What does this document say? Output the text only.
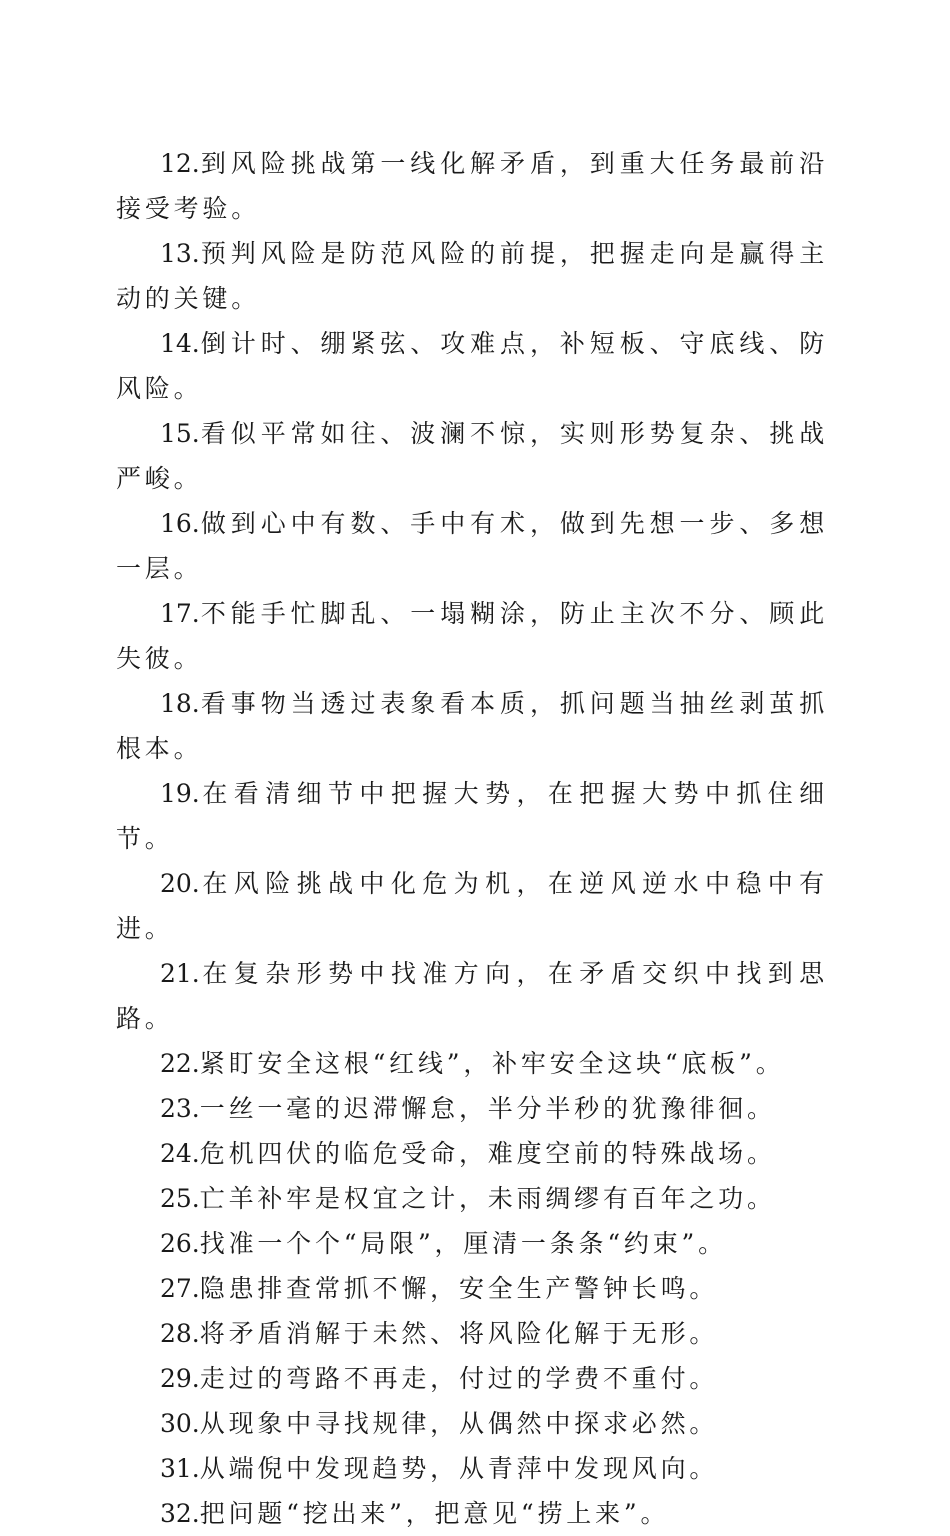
12.到风险挑战第一线化解矛盾，到重大任务最前沿接受考验。

13.预判风险是防范风险的前提，把握走向是赢得主动的关键。

14.倒计时、绷紧弦、攻难点，补短板、守底线、防风险。

15.看似平常如往、波澜不惊，实则形势复杂、挑战严峻。

16.做到心中有数、手中有术，做到先想一步、多想一层。

17.不能手忙脚乱、一塌糊涂，防止主次不分、顾此失彼。

18.看事物当透过表象看本质，抓问题当抽丝剥茧抓根本。

19.在看清细节中把握大势，在把握大势中抓住细节。

20.在风险挑战中化危为机，在逆风逆水中稳中有进。

21.在复杂形势中找准方向，在矛盾交织中找到思路。

22.紧盯安全这根“红线”，补牢安全这块“底板”。

23.一丝一毫的迟滞懈怠，半分半秒的犹豫徘徊。

24.危机四伏的临危受命，难度空前的特殊战场。

25.亡羊补牢是权宜之计，未雨绸缪有百年之功。

26.找准一个个“局限”，厘清一条条“约束”。

27.隐患排查常抓不懈，安全生产警钟长鸣。

28.将矛盾消解于未然、将风险化解于无形。

29.走过的弯路不再走，付过的学费不重付。

30.从现象中寻找规律，从偶然中探求必然。

31.从端倪中发现趋势，从青萍中发现风向。

32.把问题“挖出来”，把意见“捞上来”。
